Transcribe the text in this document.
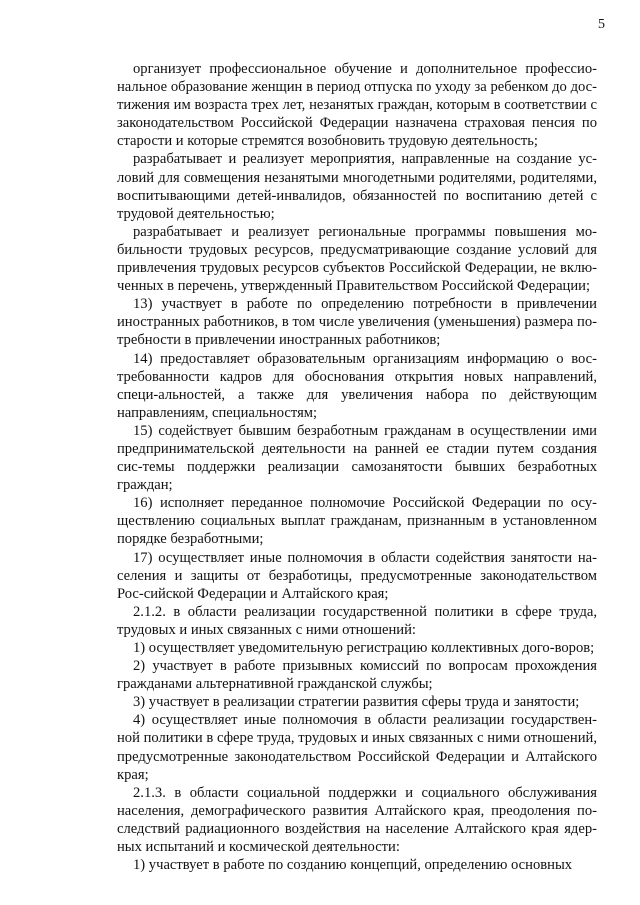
5

организует профессиональное обучение и дополнительное профессио-нальное образование женщин в период отпуска по уходу за ребенком до дос-тижения им возраста трех лет, незанятых граждан, которым в соответствии с законодательством Российской Федерации назначена страховая пенсия по старости и которые стремятся возобновить трудовую деятельность;

разрабатывает и реализует мероприятия, направленные на создание ус-ловий для совмещения незанятыми многодетными родителями, родителями, воспитывающими детей-инвалидов, обязанностей по воспитанию детей с трудовой деятельностью;

разрабатывает и реализует региональные программы повышения мо-бильности трудовых ресурсов, предусматривающие создание условий для привлечения трудовых ресурсов субъектов Российской Федерации, не вклю-ченных в перечень, утвержденный Правительством Российской Федерации;

13) участвует в работе по определению потребности в привлечении иностранных работников, в том числе увеличения (уменьшения) размера по-требности в привлечении иностранных работников;

14) предоставляет образовательным организациям информацию о вос-требованности кадров для обоснования открытия новых направлений, специ-альностей, а также для увеличения набора по действующим направлениям, специальностям;

15) содействует бывшим безработным гражданам в осуществлении ими предпринимательской деятельности на ранней ее стадии путем создания сис-темы поддержки реализации самозанятости бывших безработных граждан;

16) исполняет переданное полномочие Российской Федерации по осу-ществлению социальных выплат гражданам, признанным в установленном порядке безработными;

17) осуществляет иные полномочия в области содействия занятости на-селения и защиты от безработицы, предусмотренные законодательством Рос-сийской Федерации и Алтайского края;

2.1.2. в области реализации государственной политики в сфере труда, трудовых и иных связанных с ними отношений:

1) осуществляет уведомительную регистрацию коллективных дого-воров;

2) участвует в работе призывных комиссий по вопросам прохождения гражданами альтернативной гражданской службы;

3) участвует в реализации стратегии развития сферы труда и занятости;

4) осуществляет иные полномочия в области реализации государствен-ной политики в сфере труда, трудовых и иных связанных с ними отношений, предусмотренные законодательством Российской Федерации и Алтайского края;

2.1.3. в области социальной поддержки и социального обслуживания населения, демографического развития Алтайского края, преодоления по-следствий радиационного воздействия на население Алтайского края ядер-ных испытаний и космической деятельности:

1) участвует в работе по созданию концепций, определению основных
